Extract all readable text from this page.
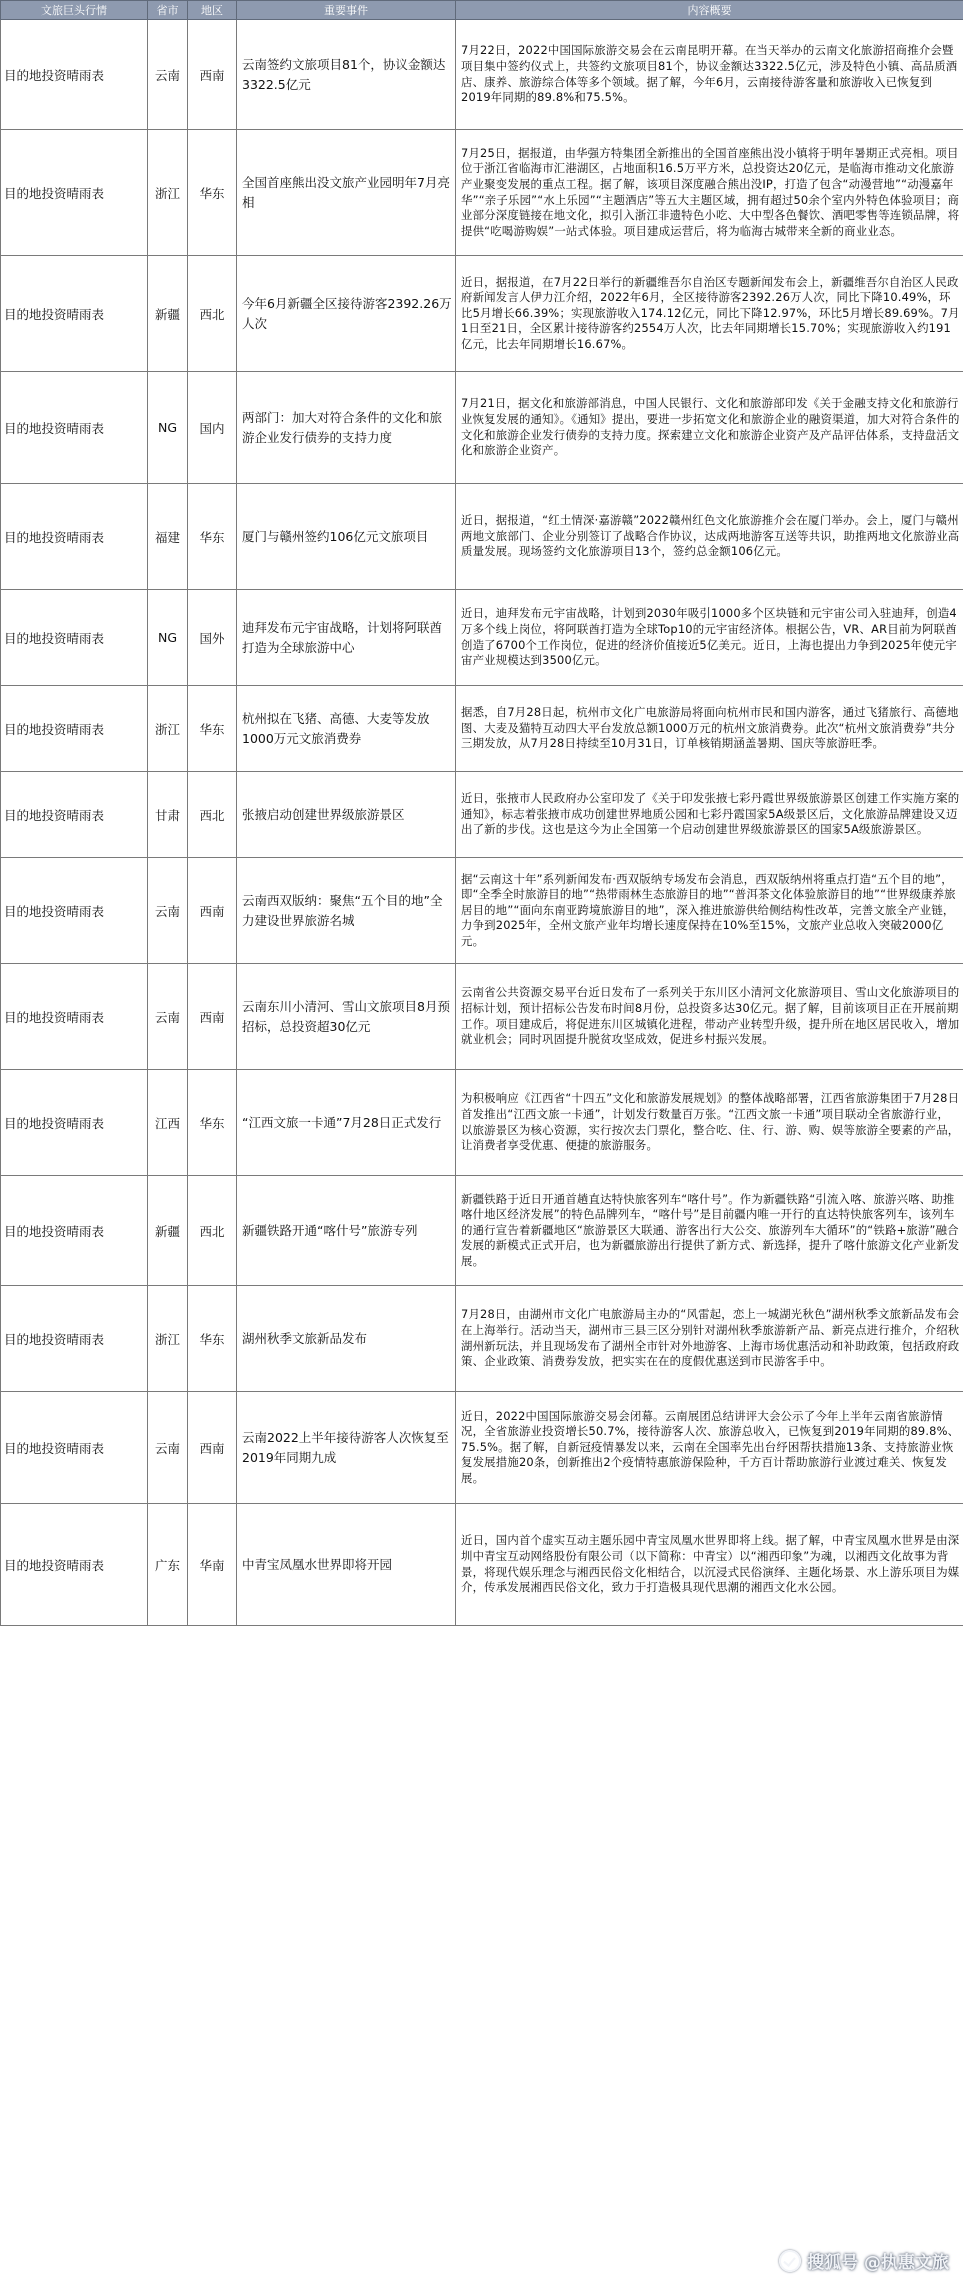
文旅巨头行情	省市	地区	重要事件	内容概要
目的地投资晴雨表	云南	西南	云南签约文旅项目81个，协议金额达3322.5亿元	7月22日，2022中国国际旅游交易会在云南昆明开幕。在当天举办的云南文化旅游招商推介会暨项目集中签约仪式上，共签约文旅项目81个，协议金额达3322.5亿元，涉及特色小镇、高品质酒店、康养、旅游综合体等多个领域。据了解，今年6月，云南接待游客量和旅游收入已恢复到2019年同期的89.8%和75.5%。
目的地投资晴雨表	浙江	华东	全国首座熊出没文旅产业园明年7月亮相	7月25日，据报道，由华强方特集团全新推出的全国首座熊出没小镇将于明年暑期正式亮相。项目位于浙江省临海市汇港湖区，占地面积16.5万平方米，总投资达20亿元，是临海市推动文化旅游产业聚变发展的重点工程。据了解，该项目深度融合熊出没IP，打造了包含“动漫营地”“动漫嘉年华”“亲子乐园”“水上乐园”“主题酒店”等五大主题区域，拥有超过50余个室内外特色体验项目；商业部分深度链接在地文化，拟引入浙江非遗特色小吃、大中型各色餐饮、酒吧零售等连锁品牌，将提供“吃喝游购娱”一站式体验。项目建成运营后，将为临海古城带来全新的商业业态。
目的地投资晴雨表	新疆	西北	今年6月新疆全区接待游客2392.26万人次	近日，据报道，在7月22日举行的新疆维吾尔自治区专题新闻发布会上，新疆维吾尔自治区人民政府新闻发言人伊力江介绍，2022年6月，全区接待游客2392.26万人次，同比下降10.49%，环比5月增长66.39%；实现旅游收入174.12亿元，同比下降12.97%，环比5月增长89.69%。7月1日至21日，全区累计接待游客约2554万人次，比去年同期增长15.70%；实现旅游收入约191亿元，比去年同期增长16.67%。
目的地投资晴雨表	NG	国内	两部门：加大对符合条件的文化和旅游企业发行债券的支持力度	7月21日，据文化和旅游部消息，中国人民银行、文化和旅游部印发《关于金融支持文化和旅游行业恢复发展的通知》。《通知》提出，要进一步拓宽文化和旅游企业的融资渠道，加大对符合条件的文化和旅游企业发行债券的支持力度。探索建立文化和旅游企业资产及产品评估体系，支持盘活文化和旅游企业资产。
目的地投资晴雨表	福建	华东	厦门与赣州签约106亿元文旅项目	近日，据报道，“红土情深·嘉游赣”2022赣州红色文化旅游推介会在厦门举办。会上，厦门与赣州两地文旅部门、企业分别签订了战略合作协议，达成两地游客互送等共识，助推两地文化旅游业高质量发展。现场签约文化旅游项目13个，签约总金额106亿元。
目的地投资晴雨表	NG	国外	迪拜发布元宇宙战略，计划将阿联酋打造为全球旅游中心	近日，迪拜发布元宇宙战略，计划到2030年吸引1000多个区块链和元宇宙公司入驻迪拜，创造4万多个线上岗位，将阿联酋打造为全球Top10的元宇宙经济体。根据公告，VR、AR目前为阿联酋创造了6700个工作岗位，促进的经济价值接近5亿美元。近日，上海也提出力争到2025年使元宇宙产业规模达到3500亿元。
目的地投资晴雨表	浙江	华东	杭州拟在飞猪、高德、大麦等发放1000万元文旅消费券	据悉，自7月28日起，杭州市文化广电旅游局将面向杭州市民和国内游客，通过飞猪旅行、高德地图、大麦及猫特互动四大平台发放总额1000万元的杭州文旅消费券。此次“杭州文旅消费券”共分三期发放，从7月28日持续至10月31日，订单核销期涵盖暑期、国庆等旅游旺季。
目的地投资晴雨表	甘肃	西北	张掖启动创建世界级旅游景区	近日，张掖市人民政府办公室印发了《关于印发张掖七彩丹霞世界级旅游景区创建工作实施方案的通知》，标志着张掖市成功创建世界地质公园和七彩丹霞国家5A级景区后，文化旅游品牌建设又迈出了新的步伐。这也是这今为止全国第一个启动创建世界级旅游景区的国家5A级旅游景区。
目的地投资晴雨表	云南	西南	云南西双版纳：聚焦“五个目的地”全力建设世界旅游名城	据“云南这十年”系列新闻发布·西双版纳专场发布会消息，西双版纳州将重点打造“五个目的地”，即“全季全时旅游目的地”“热带雨林生态旅游目的地”“普洱茶文化体验旅游目的地”“世界级康养旅居目的地”“面向东南亚跨境旅游目的地”，深入推进旅游供给侧结构性改革，完善文旅全产业链，力争到2025年，全州文旅产业年均增长速度保持在10%至15%，文旅产业总收入突破2000亿元。
目的地投资晴雨表	云南	西南	云南东川小清河、雪山文旅项目8月预招标，总投资超30亿元	云南省公共资源交易平台近日发布了一系列关于东川区小清河文化旅游项目、雪山文化旅游项目的招标计划，预计招标公告发布时间8月份，总投资多达30亿元。据了解，目前该项目正在开展前期工作。项目建成后，将促进东川区城镇化进程，带动产业转型升级，提升所在地区居民收入，增加就业机会；同时巩固提升脱贫攻坚成效，促进乡村振兴发展。
目的地投资晴雨表	江西	华东	“江西文旅一卡通”7月28日正式发行	为积极响应《江西省“十四五”文化和旅游发展规划》的整体战略部署，江西省旅游集团于7月28日首发推出“江西文旅一卡通”，计划发行数量百万张。“江西文旅一卡通”项目联动全省旅游行业，以旅游景区为核心资源，实行按次去门票化，整合吃、住、行、游、购、娱等旅游全要素的产品，让消费者享受优惠、便捷的旅游服务。
目的地投资晴雨表	新疆	西北	新疆铁路开通“喀什号”旅游专列	新疆铁路于近日开通首趟直达特快旅客列车“喀什号”。作为新疆铁路“引流入喀、旅游兴喀、助推喀什地区经济发展”的特色品牌列车，“喀什号”是目前疆内唯一开行的直达特快旅客列车，该列车的通行宣告着新疆地区“旅游景区大联通、游客出行大公交、旅游列车大循环”的“铁路+旅游”融合发展的新模式正式开启，也为新疆旅游出行提供了新方式、新选择，提升了喀什旅游文化产业新发展。
目的地投资晴雨表	浙江	华东	湖州秋季文旅新品发布	7月28日，由湖州市文化广电旅游局主办的“风雷起，恋上一城湖光秋色”湖州秋季文旅新品发布会在上海举行。活动当天，湖州市三县三区分别针对湖州秋季旅游新产品、新亮点进行推介，介绍秋湖州新玩法，并且现场发布了湖州全市针对外地游客、上海市场优惠活动和补助政策，包括政府政策、企业政策、消费券发放，把实实在在的度假优惠送到市民游客手中。
目的地投资晴雨表	云南	西南	云南2022上半年接待游客人次恢复至2019年同期九成	近日，2022中国国际旅游交易会闭幕。云南展团总结讲评大会公示了今年上半年云南省旅游情况，全省旅游业投资增长50.7%，接待游客人次、旅游总收入，已恢复到2019年同期的89.8%、75.5%。据了解，自新冠疫情暴发以来，云南在全国率先出台纾困帮扶措施13条、支持旅游业恢复发展措施20条，创新推出2个疫情特惠旅游保险种，千方百计帮助旅游行业渡过难关、恢复发展。
目的地投资晴雨表	广东	华南	中青宝凤凰水世界即将开园	近日，国内首个虚实互动主题乐园中青宝凤凰水世界即将上线。据了解，中青宝凤凰水世界是由深圳中青宝互动网络股份有限公司（以下简称：中青宝）以“湘西印象”为魂，以湘西文化故事为背景，将现代娱乐理念与湘西民俗文化相结合，以沉浸式民俗演绎、主题化场景、水上游乐项目为媒介，传承发展湘西民俗文化，致力于打造极具现代思潮的湘西文化水公园。
搜狐号 @执惠文旅
